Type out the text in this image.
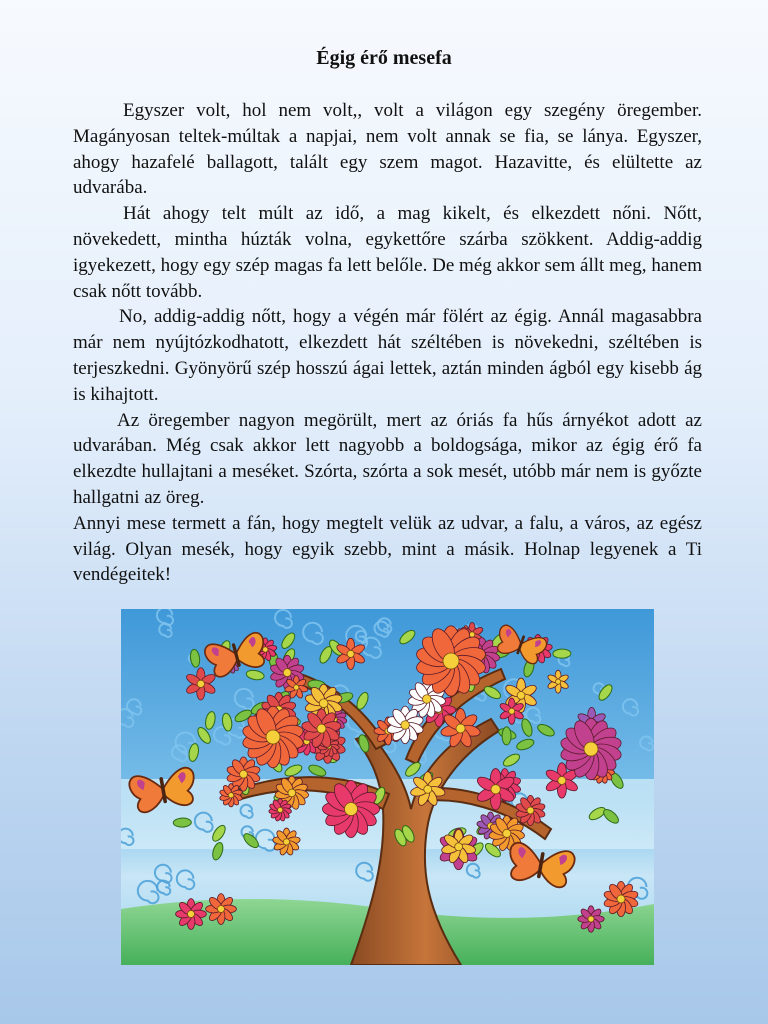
Égig érő mesefa

Egyszer volt, hol nem volt,, volt a világon egy szegény öregember. Magányosan teltek-múltak a napjai, nem volt annak se fia, se lánya. Egyszer, ahogy hazafelé ballagott, talált egy szem magot. Hazavitte, és elültette az udvarába.

Hát ahogy telt múlt az idő, a mag kikelt, és elkezdett nőni. Nőtt, növekedett, mintha húzták volna, egykettőre szárba szökkent. Addig-addig igyekezett, hogy egy szép magas fa lett belőle. De még akkor sem állt meg, hanem csak nőtt tovább.

No, addig-addig nőtt, hogy a végén már fölért az égig. Annál magasabbra már nem nyújtózkodhatott, elkezdett hát széltében is növekedni, széltében is terjeszkedni. Gyönyörű szép hosszú ágai lettek, aztán minden ágból egy kisebb ág is kihajtott.

Az öregember nagyon megörült, mert az óriás fa hűs árnyékot adott az udvarában. Még csak akkor lett nagyobb a boldogsága, mikor az égig érő fa elkezdte hullajtani a meséket. Szórta, szórta a sok mesét, utóbb már nem is győzte hallgatni az öreg.

Annyi mese termett a fán, hogy megtelt velük az udvar, a falu, a város, az egész világ. Olyan mesék, hogy egyik szebb, mint a másik. Holnap legyenek a Ti vendégeitek!
